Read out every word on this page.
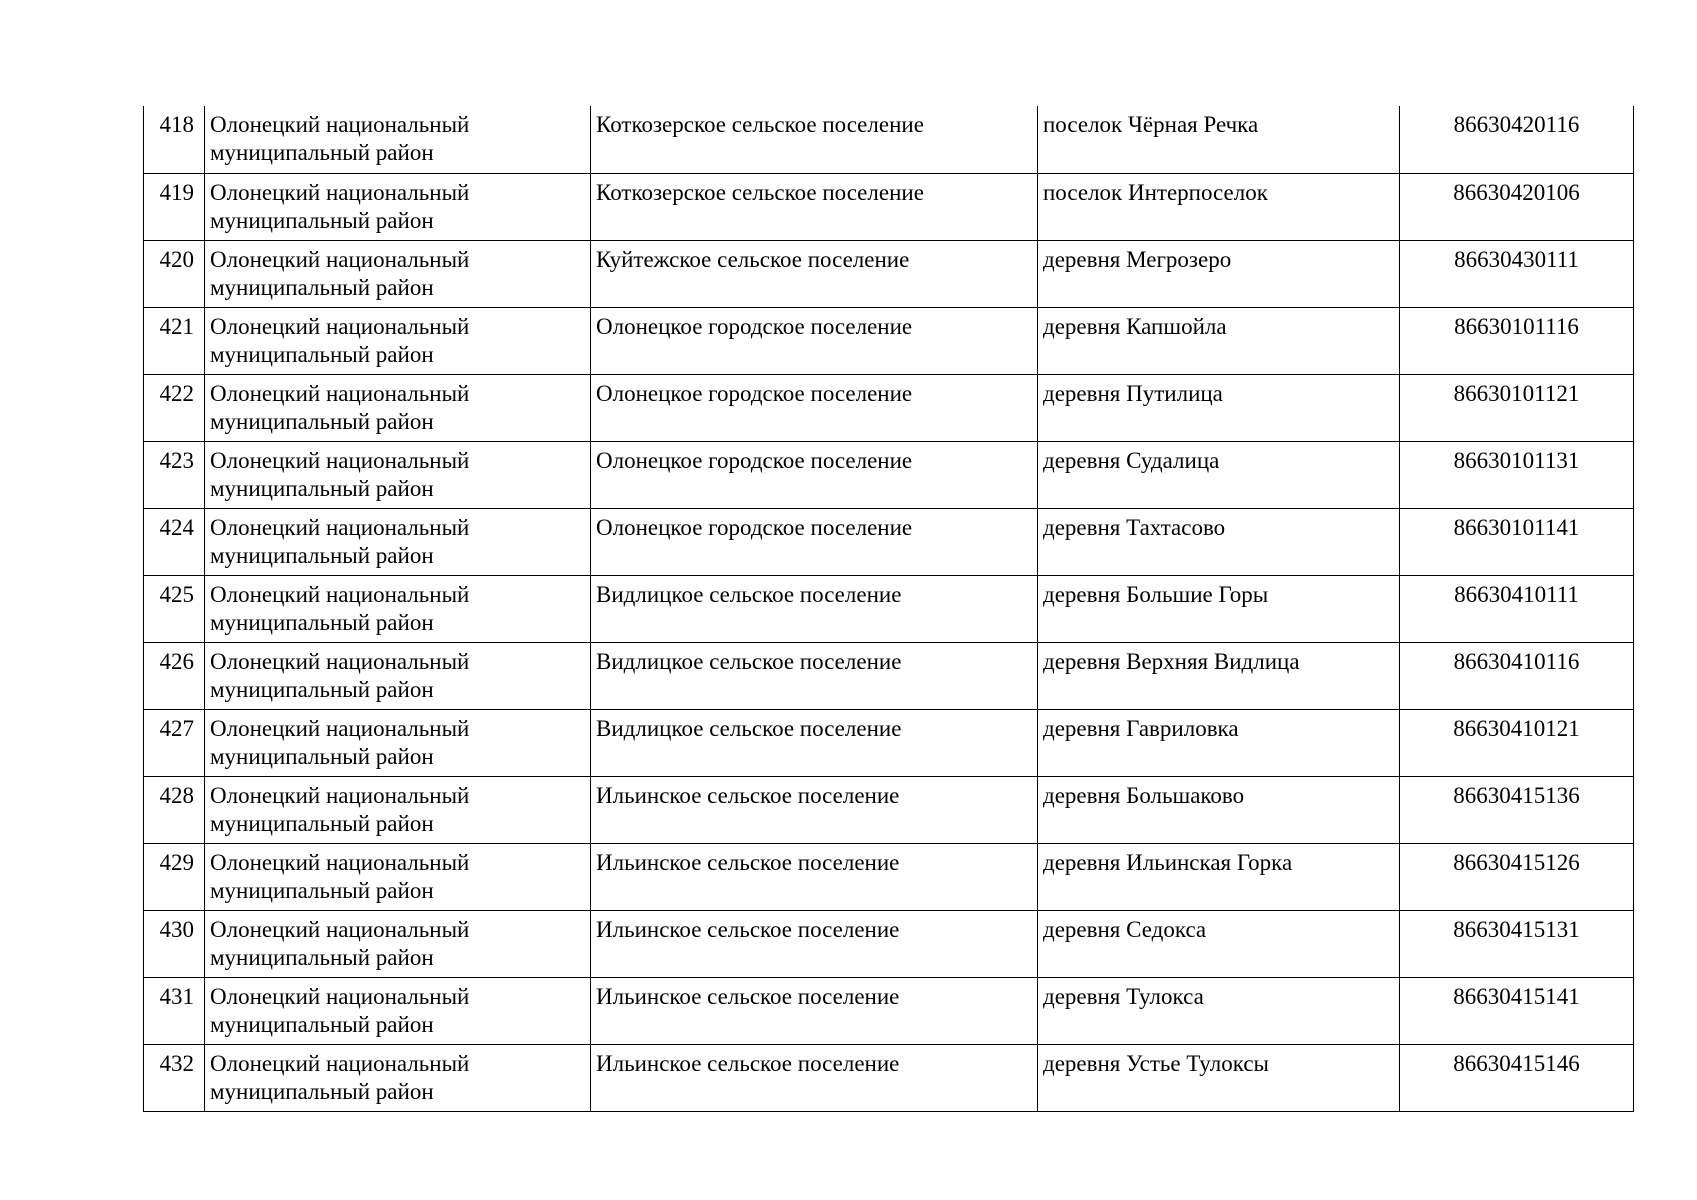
418	Олонецкий национальный
муниципальный район	Коткозерское сельское поселение	поселок Чёрная Речка	86630420116
419	Олонецкий национальный
муниципальный район	Коткозерское сельское поселение	поселок Интерпоселок	86630420106
420	Олонецкий национальный
муниципальный район	Куйтежское сельское поселение	деревня Мегрозеро	86630430111
421	Олонецкий национальный
муниципальный район	Олонецкое городское поселение	деревня Капшойла	86630101116
422	Олонецкий национальный
муниципальный район	Олонецкое городское поселение	деревня Путилица	86630101121
423	Олонецкий национальный
муниципальный район	Олонецкое городское поселение	деревня Судалица	86630101131
424	Олонецкий национальный
муниципальный район	Олонецкое городское поселение	деревня Тахтасово	86630101141
425	Олонецкий национальный
муниципальный район	Видлицкое сельское поселение	деревня Большие Горы	86630410111
426	Олонецкий национальный
муниципальный район	Видлицкое сельское поселение	деревня Верхняя Видлица	86630410116
427	Олонецкий национальный
муниципальный район	Видлицкое сельское поселение	деревня Гавриловка	86630410121
428	Олонецкий национальный
муниципальный район	Ильинское сельское поселение	деревня Большаково	86630415136
429	Олонецкий национальный
муниципальный район	Ильинское сельское поселение	деревня Ильинская Горка	86630415126
430	Олонецкий национальный
муниципальный район	Ильинское сельское поселение	деревня Седокса	86630415131
431	Олонецкий национальный
муниципальный район	Ильинское сельское поселение	деревня Тулокса	86630415141
432	Олонецкий национальный
муниципальный район	Ильинское сельское поселение	деревня Устье Тулоксы	86630415146
